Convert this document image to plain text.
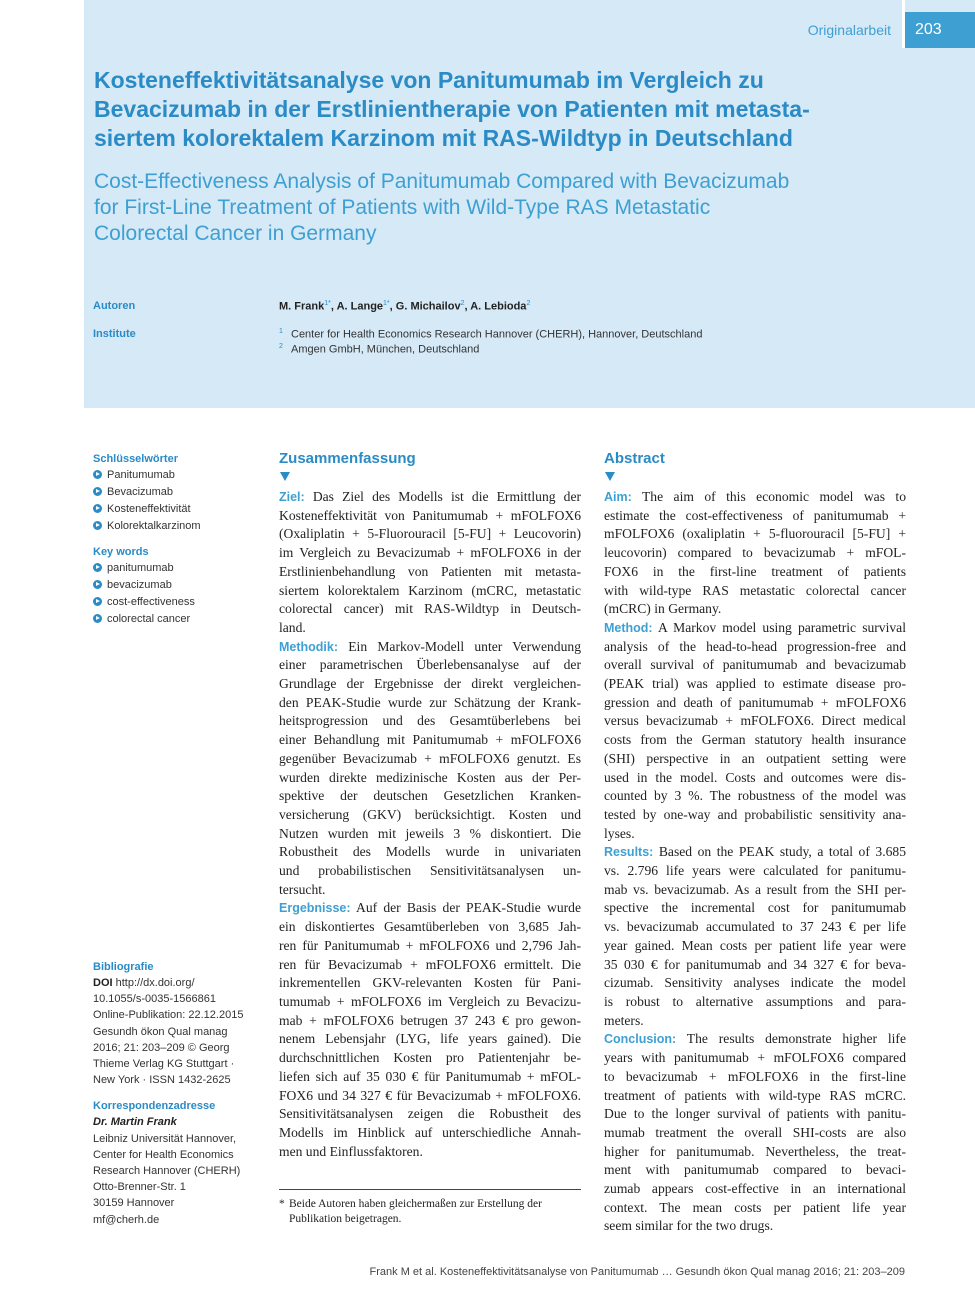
Originalarbeit	203
Kosteneffektivitätsanalyse von Panitumumab im Vergleich zu
Bevacizumab in der Erstlinientherapie von Patienten mit metasta-
siertem kolorektalem Karzinom mit RAS-Wildtyp in Deutschland
Cost-Effectiveness Analysis of Panitumumab Compared with Bevacizumab
for First-Line Treatment of Patients with Wild-Type RAS Metastatic
Colorectal Cancer in Germany
Autoren	M. Frank$^{1*}$, A. Lange$^{1*}$, G. Michailov$^2$, A. Lebioda$^2$
Institute	$^1$ Center for Health Economics Research Hannover (CHERH), Hannover, Deutschland
$^2$ Amgen GmbH, München, Deutschland
Schlüsselwörter
Panitumumab
Bevacizumab
Kosteneffektivität
Kolorektalkarzinom
Key words
panitumumab
bevacizumab
cost-effectiveness
colorectal cancer
Bibliografie
DOI http://dx.doi.org/
10.1055/s-0035-1566861
Online-Publikation: 22.12.2015
Gesundh ökon Qual manag
2016; 21: 203–209 © Georg
Thieme Verlag KG Stuttgart ·
New York · ISSN 1432-2625
Korrespondenzadresse
Dr. Martin Frank
Leibniz Universität Hannover,
Center for Health Economics
Research Hannover (CHERH)
Otto-Brenner-Str. 1
30159 Hannover
mf@cherh.de
Zusammenfassung

Ziel: Das Ziel des Modells ist die Ermittlung der
Kosteneffektivität von Panitumumab + mFOLFOX6
(Oxaliplatin + 5-Fluorouracil [5-FU] + Leucovorin)
im Vergleich zu Bevacizumab + mFOLFOX6 in der
Erstlinienbehandlung von Patienten mit metasta-
siertem kolorektalem Karzinom (mCRC, metastatic
colorectal cancer) mit RAS-Wildtyp in Deutsch-
land.

Methodik: Ein Markov-Modell unter Verwendung
einer parametrischen Überlebensanalyse auf der
Grundlage der Ergebnisse der direkt vergleichen-
den PEAK-Studie wurde zur Schätzung der Krank-
heitsprogression und des Gesamtüberlebens bei
einer Behandlung mit Panitumumab + mFOLFOX6
gegenüber Bevacizumab + mFOLFOX6 genutzt. Es
wurden direkte medizinische Kosten aus der Per-
spektive der deutschen Gesetzlichen Kranken-
versicherung (GKV) berücksichtigt. Kosten und
Nutzen wurden mit jeweils 3 % diskontiert. Die
Robustheit des Modells wurde in univariaten
und probabilistischen Sensitivitätsanalysen un-
tersucht.

Ergebnisse: Auf der Basis der PEAK-Studie wurde
ein diskontiertes Gesamtüberleben von 3,685 Jah-
ren für Panitumumab + mFOLFOX6 und 2,796 Jah-
ren für Bevacizumab + mFOLFOX6 ermittelt. Die
inkrementellen GKV-relevanten Kosten für Pani-
tumumab + mFOLFOX6 im Vergleich zu Bevacizu-
mab + mFOLFOX6 betrugen 37 243 € pro gewon-
nenem Lebensjahr (LYG, life years gained). Die
durchschnittlichen Kosten pro Patientenjahr be-
liefen sich auf 35 030 € für Panitumumab + mFOL-
FOX6 und 34 327 € für Bevacizumab + mFOLFOX6.
Sensitivitätsanalysen zeigen die Robustheit des
Modells im Hinblick auf unterschiedliche Annah-
men und Einflussfaktoren.

Abstract

Aim: The aim of this economic model was to
estimate the cost-effectiveness of panitumumab +
mFOLFOX6 (oxaliplatin + 5-fluorouracil [5-FU] +
leucovorin) compared to bevacizumab + mFOL-
FOX6 in the first-line treatment of patients
with wild-type RAS metastatic colorectal cancer
(mCRC) in Germany.

Method: A Markov model using parametric survival
analysis of the head-to-head progression-free and
overall survival of panitumumab and bevacizumab
(PEAK trial) was applied to estimate disease pro-
gression and death of panitumumab + mFOLFOX6
versus bevacizumab + mFOLFOX6. Direct medical
costs from the German statutory health insurance
(SHI) perspective in an outpatient setting were
used in the model. Costs and outcomes were dis-
counted by 3 %. The robustness of the model was
tested by one-way and probabilistic sensitivity ana-
lyses.

Results: Based on the PEAK study, a total of 3.685
vs. 2.796 life years were calculated for panitumu-
mab vs. bevacizumab. As a result from the SHI per-
spective the incremental cost for panitumumab
vs. bevacizumab accumulated to 37 243 € per life
year gained. Mean costs per patient life year were
35 030 € for panitumumab and 34 327 € for beva-
cizumab. Sensitivity analyses indicate the model
is robust to alternative assumptions and para-
meters.

Conclusion: The results demonstrate higher life
years with panitumumab + mFOLFOX6 compared
to bevacizumab + mFOLFOX6 in the first-line
treatment of patients with wild-type RAS mCRC.
Due to the longer survival of patients with panitu-
mumab treatment the overall SHI-costs are also
higher for panitumumab. Nevertheless, the treat-
ment with panitumumab compared to bevaci-
zumab appears cost-effective in an international
context. The mean costs per patient life year
seem similar for the two drugs.

* Beide Autoren haben gleichermaßen zur Erstellung der
Publikation beigetragen.
Frank M et al. Kosteneffektivitätsanalyse von Panitumumab … Gesundh ökon Qual manag 2016; 21: 203–209
